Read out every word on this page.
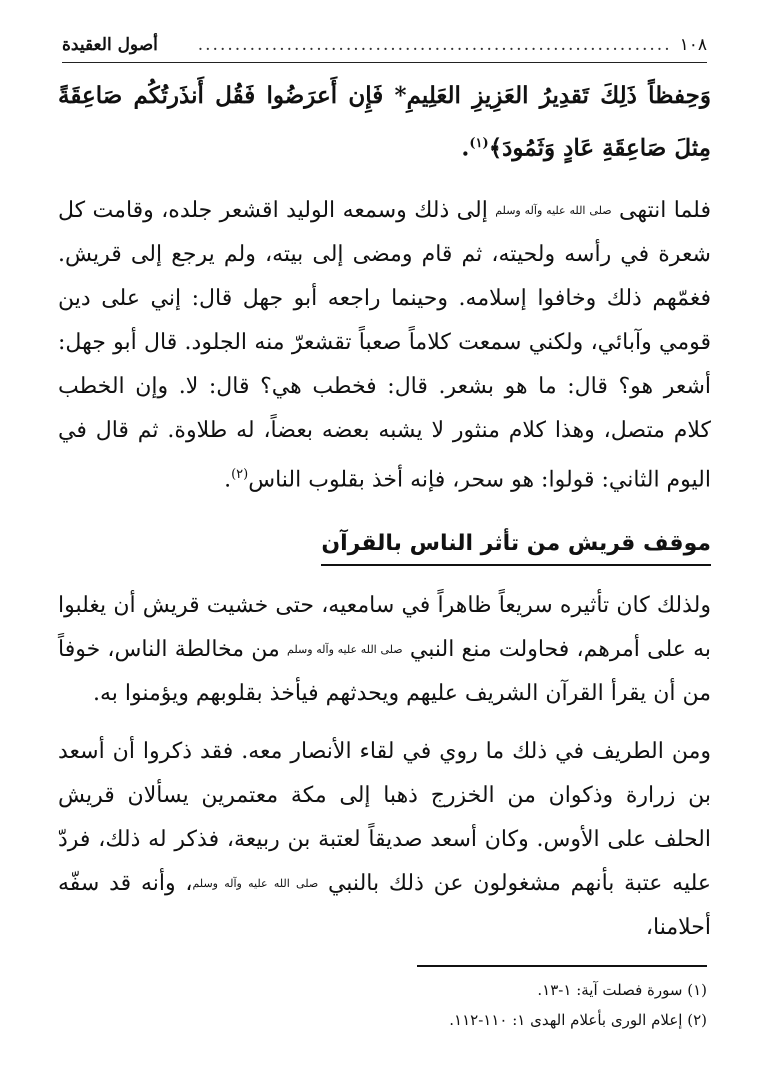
١٠٨
................................................................
أصول العقيدة
وَحِفظاً ذَلِكَ تَقدِيرُ العَزِيزِ العَلِيمِ* فَإِن أَعرَضُوا فَقُل أَنذَرتُكُم صَاعِقَةً مِثلَ صَاعِقَةِ عَادٍ وَثَمُودَ﴾$^{(١)}$.

فلما انتهى $^{صلى الله عليه وآله وسلم}$ إلى ذلك وسمعه الوليد اقشعر جلده، وقامت كل شعرة في رأسه ولحيته، ثم قام ومضى إلى بيته، ولم يرجع إلى قريش. فغمّهم ذلك وخافوا إسلامه. وحينما راجعه أبو جهل قال: إني على دين قومي وآبائي، ولكني سمعت كلاماً صعباً تقشعرّ منه الجلود. قال أبو جهل: أشعر هو؟ قال: ما هو بشعر. قال: فخطب هي؟ قال: لا. وإن الخطب كلام متصل، وهذا كلام منثور لا يشبه بعضه بعضاً، له طلاوة. ثم قال في اليوم الثاني: قولوا: هو سحر، فإنه أخذ بقلوب الناس$^{(٢)}$.

موقف قريش من تأثر الناس بالقرآن

ولذلك كان تأثيره سريعاً ظاهراً في سامعيه، حتى خشيت قريش أن يغلبوا به على أمرهم، فحاولت منع النبي $^{صلى الله عليه وآله وسلم}$ من مخالطة الناس، خوفاً من أن يقرأ القرآن الشريف عليهم ويحدثهم فيأخذ بقلوبهم ويؤمنوا به.

ومن الطريف في ذلك ما روي في لقاء الأنصار معه. فقد ذكروا أن أسعد بن زرارة وذكوان من الخزرج ذهبا إلى مكة معتمرين يسألان قريش الحلف على الأوس. وكان أسعد صديقاً لعتبة بن ربيعة، فذكر له ذلك، فردّ عليه عتبة بأنهم مشغولون عن ذلك بالنبي $^{صلى الله عليه وآله وسلم}$، وأنه قد سفّه أحلامنا،

(١) سورة فصلت آية: ١-١٣.
(٢) إعلام الورى بأعلام الهدى ١: ١١٠-١١٢.
